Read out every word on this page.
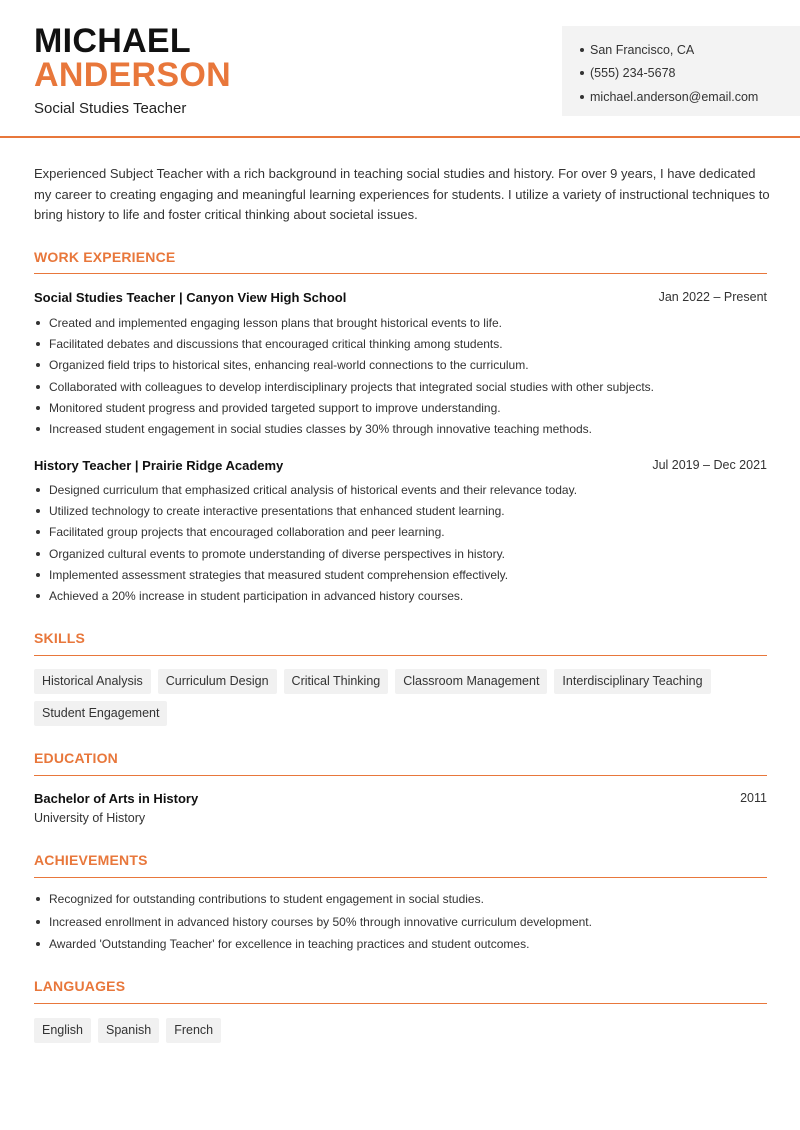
MICHAEL
ANDERSON
Social Studies Teacher
San Francisco, CA
(555) 234-5678
michael.anderson@email.com

Experienced Subject Teacher with a rich background in teaching social studies and history. For over 9 years, I have dedicated my career to creating engaging and meaningful learning experiences for students. I utilize a variety of instructional techniques to bring history to life and foster critical thinking about societal issues.

WORK EXPERIENCE
Social Studies Teacher | Canyon View High School	Jan 2022 – Present
Created and implemented engaging lesson plans that brought historical events to life.
Facilitated debates and discussions that encouraged critical thinking among students.
Organized field trips to historical sites, enhancing real-world connections to the curriculum.
Collaborated with colleagues to develop interdisciplinary projects that integrated social studies with other subjects.
Monitored student progress and provided targeted support to improve understanding.
Increased student engagement in social studies classes by 30% through innovative teaching methods.
History Teacher | Prairie Ridge Academy	Jul 2019 – Dec 2021
Designed curriculum that emphasized critical analysis of historical events and their relevance today.
Utilized technology to create interactive presentations that enhanced student learning.
Facilitated group projects that encouraged collaboration and peer learning.
Organized cultural events to promote understanding of diverse perspectives in history.
Implemented assessment strategies that measured student comprehension effectively.
Achieved a 20% increase in student participation in advanced history courses.
SKILLS
Historical Analysis	Curriculum Design	Critical Thinking	Classroom Management	Interdisciplinary Teaching
Student Engagement
EDUCATION
Bachelor of Arts in History	2011
University of History
ACHIEVEMENTS
Recognized for outstanding contributions to student engagement in social studies.
Increased enrollment in advanced history courses by 50% through innovative curriculum development.
Awarded 'Outstanding Teacher' for excellence in teaching practices and student outcomes.
LANGUAGES
English	Spanish	French
